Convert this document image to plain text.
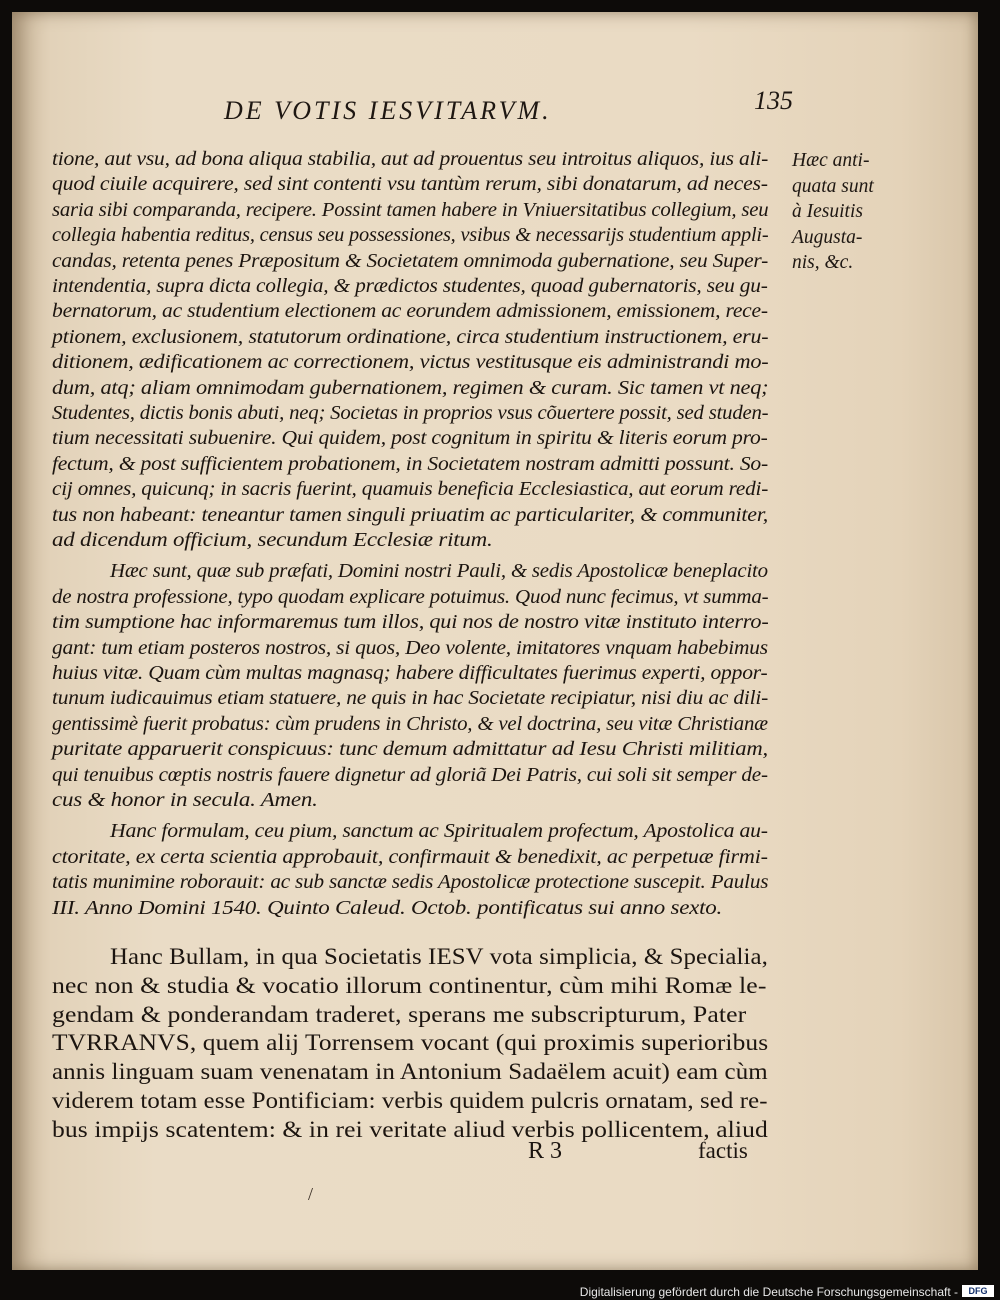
DE VOTIS IESVITARVM.	135
Hæc anti-
quata sunt
à Iesuitis
Augusta-
nis, &c.
tione, aut vsu, ad bona aliqua stabilia, aut ad prouentus seu introitus aliquos, ius ali-
quod ciuile acquirere, sed sint contenti vsu tantùm rerum, sibi donatarum, ad neces-
saria sibi comparanda, recipere. Possint tamen habere in Vniuersitatibus collegium, seu
collegia habentia reditus, census seu possessiones, vsibus & necessarijs studentium appli-
candas, retenta penes Præpositum & Societatem omnimoda gubernatione, seu Super-
intendentia, supra dicta collegia, & prædictos studentes, quoad gubernatoris, seu gu-
bernatorum, ac studentium electionem ac eorundem admissionem, emissionem, rece-
ptionem, exclusionem, statutorum ordinatione, circa studentium instructionem, eru-
ditionem, ædificationem ac correctionem, victus vestitusque eis administrandi mo-
dum, atq; aliam omnimodam gubernationem, regimen & curam. Sic tamen vt neq;
Studentes, dictis bonis abuti, neq; Societas in proprios vsus cõuertere possit, sed studen-
tium necessitati subuenire. Qui quidem, post cognitum in spiritu & literis eorum pro-
fectum, & post sufficientem probationem, in Societatem nostram admitti possunt. So-
cij omnes, quicunq; in sacris fuerint, quamuis beneficia Ecclesiastica, aut eorum redi-
tus non habeant: teneantur tamen singuli priuatim ac particulariter, & communiter,
ad dicendum officium, secundum Ecclesiæ ritum.
Hæc sunt, quæ sub præfati, Domini nostri Pauli, & sedis Apostolicæ beneplacito
de nostra professione, typo quodam explicare potuimus. Quod nunc fecimus, vt summa-
tim sumptione hac informaremus tum illos, qui nos de nostro vitæ instituto interro-
gant: tum etiam posteros nostros, si quos, Deo volente, imitatores vnquam habebimus
huius vitæ. Quam cùm multas magnasq; habere difficultates fuerimus experti, oppor-
tunum iudicauimus etiam statuere, ne quis in hac Societate recipiatur, nisi diu ac dili-
gentissimè fuerit probatus: cùm prudens in Christo, & vel doctrina, seu vitæ Christianæ
puritate apparuerit conspicuus: tunc demum admittatur ad Iesu Christi militiam,
qui tenuibus cœptis nostris fauere dignetur ad gloriã Dei Patris, cui soli sit semper de-
cus & honor in secula. Amen.
Hanc formulam, ceu pium, sanctum ac Spiritualem profectum, Apostolica au-
ctoritate, ex certa scientia approbauit, confirmauit & benedixit, ac perpetuæ firmi-
tatis munimine roborauit: ac sub sanctæ sedis Apostolicæ protectione suscepit. Paulus
III. Anno Domini 1540. Quinto Caleud. Octob. pontificatus sui anno sexto.
Hanc Bullam, in qua Societatis IESV vota simplicia, & Specialia,
nec non & studia & vocatio illorum continentur, cùm mihi Romæ le-
gendam & ponderandam traderet, sperans me subscripturum, Pater
TVRRANVS, quem alij Torrensem vocant (qui proximis superioribus
annis linguam suam venenatam in Antonium Sadaëlem acuit) eam cùm
viderem totam esse Pontificiam: verbis quidem pulcris ornatam, sed re-
bus impijs scatentem: & in rei veritate aliud verbis pollicentem, aliud
R 3	factis
/
Digitalisierung gefördert durch die Deutsche Forschungsgemeinschaft -	DFG
